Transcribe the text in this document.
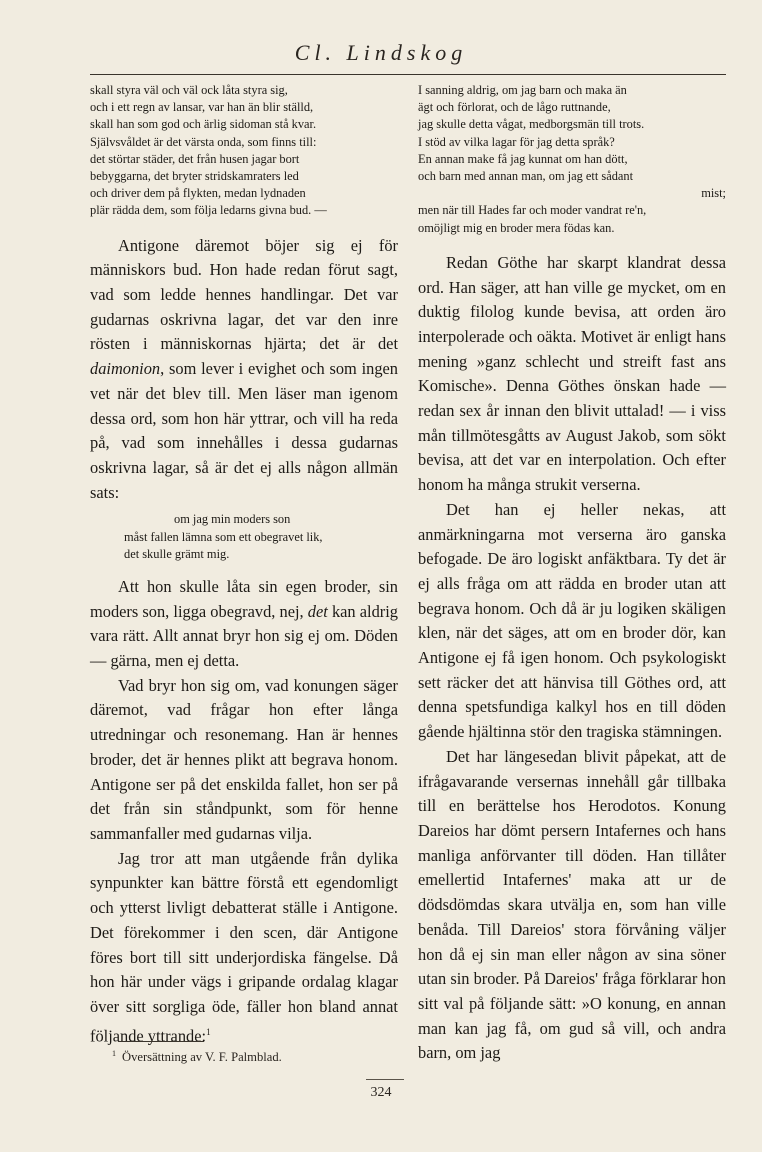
Cl. Lindskog
skall styra väl och väl ock låta styra sig,
och i ett regn av lansar, var han än blir ställd,
skall han som god och ärlig sidoman stå kvar.
Självsvåldet är det värsta onda, som finns till:
det störtar städer, det från husen jagar bort
bebyggarna, det bryter stridskamraters led
och driver dem på flykten, medan lydnaden
plär rädda dem, som följa ledarns givna bud. —

Antigone däremot böjer sig ej för människors bud. Hon hade redan förut sagt, vad som ledde hennes handlingar. Det var gudarnas oskrivna lagar, det var den inre rösten i människornas hjärta; det är det daimonion, som lever i evighet och som ingen vet när det blev till. Men läser man igenom dessa ord, som hon här yttrar, och vill ha reda på, vad som innehålles i dessa gudarnas oskrivna lagar, så är det ej alls någon allmän sats:

om jag min moders son
måst fallen lämna som ett obegravet lik,
det skulle grämt mig.

Att hon skulle låta sin egen broder, sin moders son, ligga obegravd, nej, det kan aldrig vara rätt. Allt annat bryr hon sig ej om. Döden — gärna, men ej detta.

Vad bryr hon sig om, vad konungen säger däremot, vad frågar hon efter långa utredningar och resonemang. Han är hennes broder, det är hennes plikt att begrava honom. Antigone ser på det enskilda fallet, hon ser på det från sin ståndpunkt, som för henne sammanfaller med gudarnas vilja.

Jag tror att man utgående från dylika synpunkter kan bättre förstå ett egendomligt och ytterst livligt debatterat ställe i Antigone. Det förekommer i den scen, där Antigone föres bort till sitt underjordiska fängelse. Då hon här under vägs i gripande ordalag klagar över sitt sorgliga öde, fäller hon bland annat följande yttrande:$^1$

I sanning aldrig, om jag barn och maka än
ägt och förlorat, och de lågo ruttnande,
jag skulle detta vågat, medborgsmän till trots.
I stöd av vilka lagar för jag detta språk?
En annan make få jag kunnat om han dött,
och barn med annan man, om jag ett sådant
mist;
men när till Hades far och moder vandrat re'n,
omöjligt mig en broder mera födas kan.

Redan Göthe har skarpt klandrat dessa ord. Han säger, att han ville ge mycket, om en duktig filolog kunde bevisa, att orden äro interpolerade och oäkta. Motivet är enligt hans mening »ganz schlecht und streift fast ans Komische». Denna Göthes önskan hade — redan sex år innan den blivit uttalad! — i viss mån tillmötesgåtts av August Jakob, som sökt bevisa, att det var en interpolation. Och efter honom ha många strukit verserna.

Det han ej heller nekas, att anmärkningarna mot verserna äro ganska befogade. De äro logiskt anfäktbara. Ty det är ej alls fråga om att rädda en broder utan att begrava honom. Och då är ju logiken skäligen klen, när det säges, att om en broder dör, kan Antigone ej få igen honom. Och psykologiskt sett räcker det att hänvisa till Göthes ord, att denna spetsfundiga kalkyl hos en till döden gående hjältinna stör den tragiska stämningen.

Det har längesedan blivit påpekat, att de ifrågavarande versernas innehåll går tillbaka till en berättelse hos Herodotos. Konung Dareios har dömt persern Intafernes och hans manliga anförvanter till döden. Han tillåter emellertid Intafernes' maka att ur de dödsdömdas skara utvälja en, som han ville benåda. Till Dareios' stora förvåning väljer hon då ej sin man eller någon av sina söner utan sin broder. På Dareios' fråga förklarar hon sitt val på följande sätt: »O konung, en annan man kan jag få, om gud så vill, och andra barn, om jag

$^1$ Översättning av V. F. Palmblad.
324
